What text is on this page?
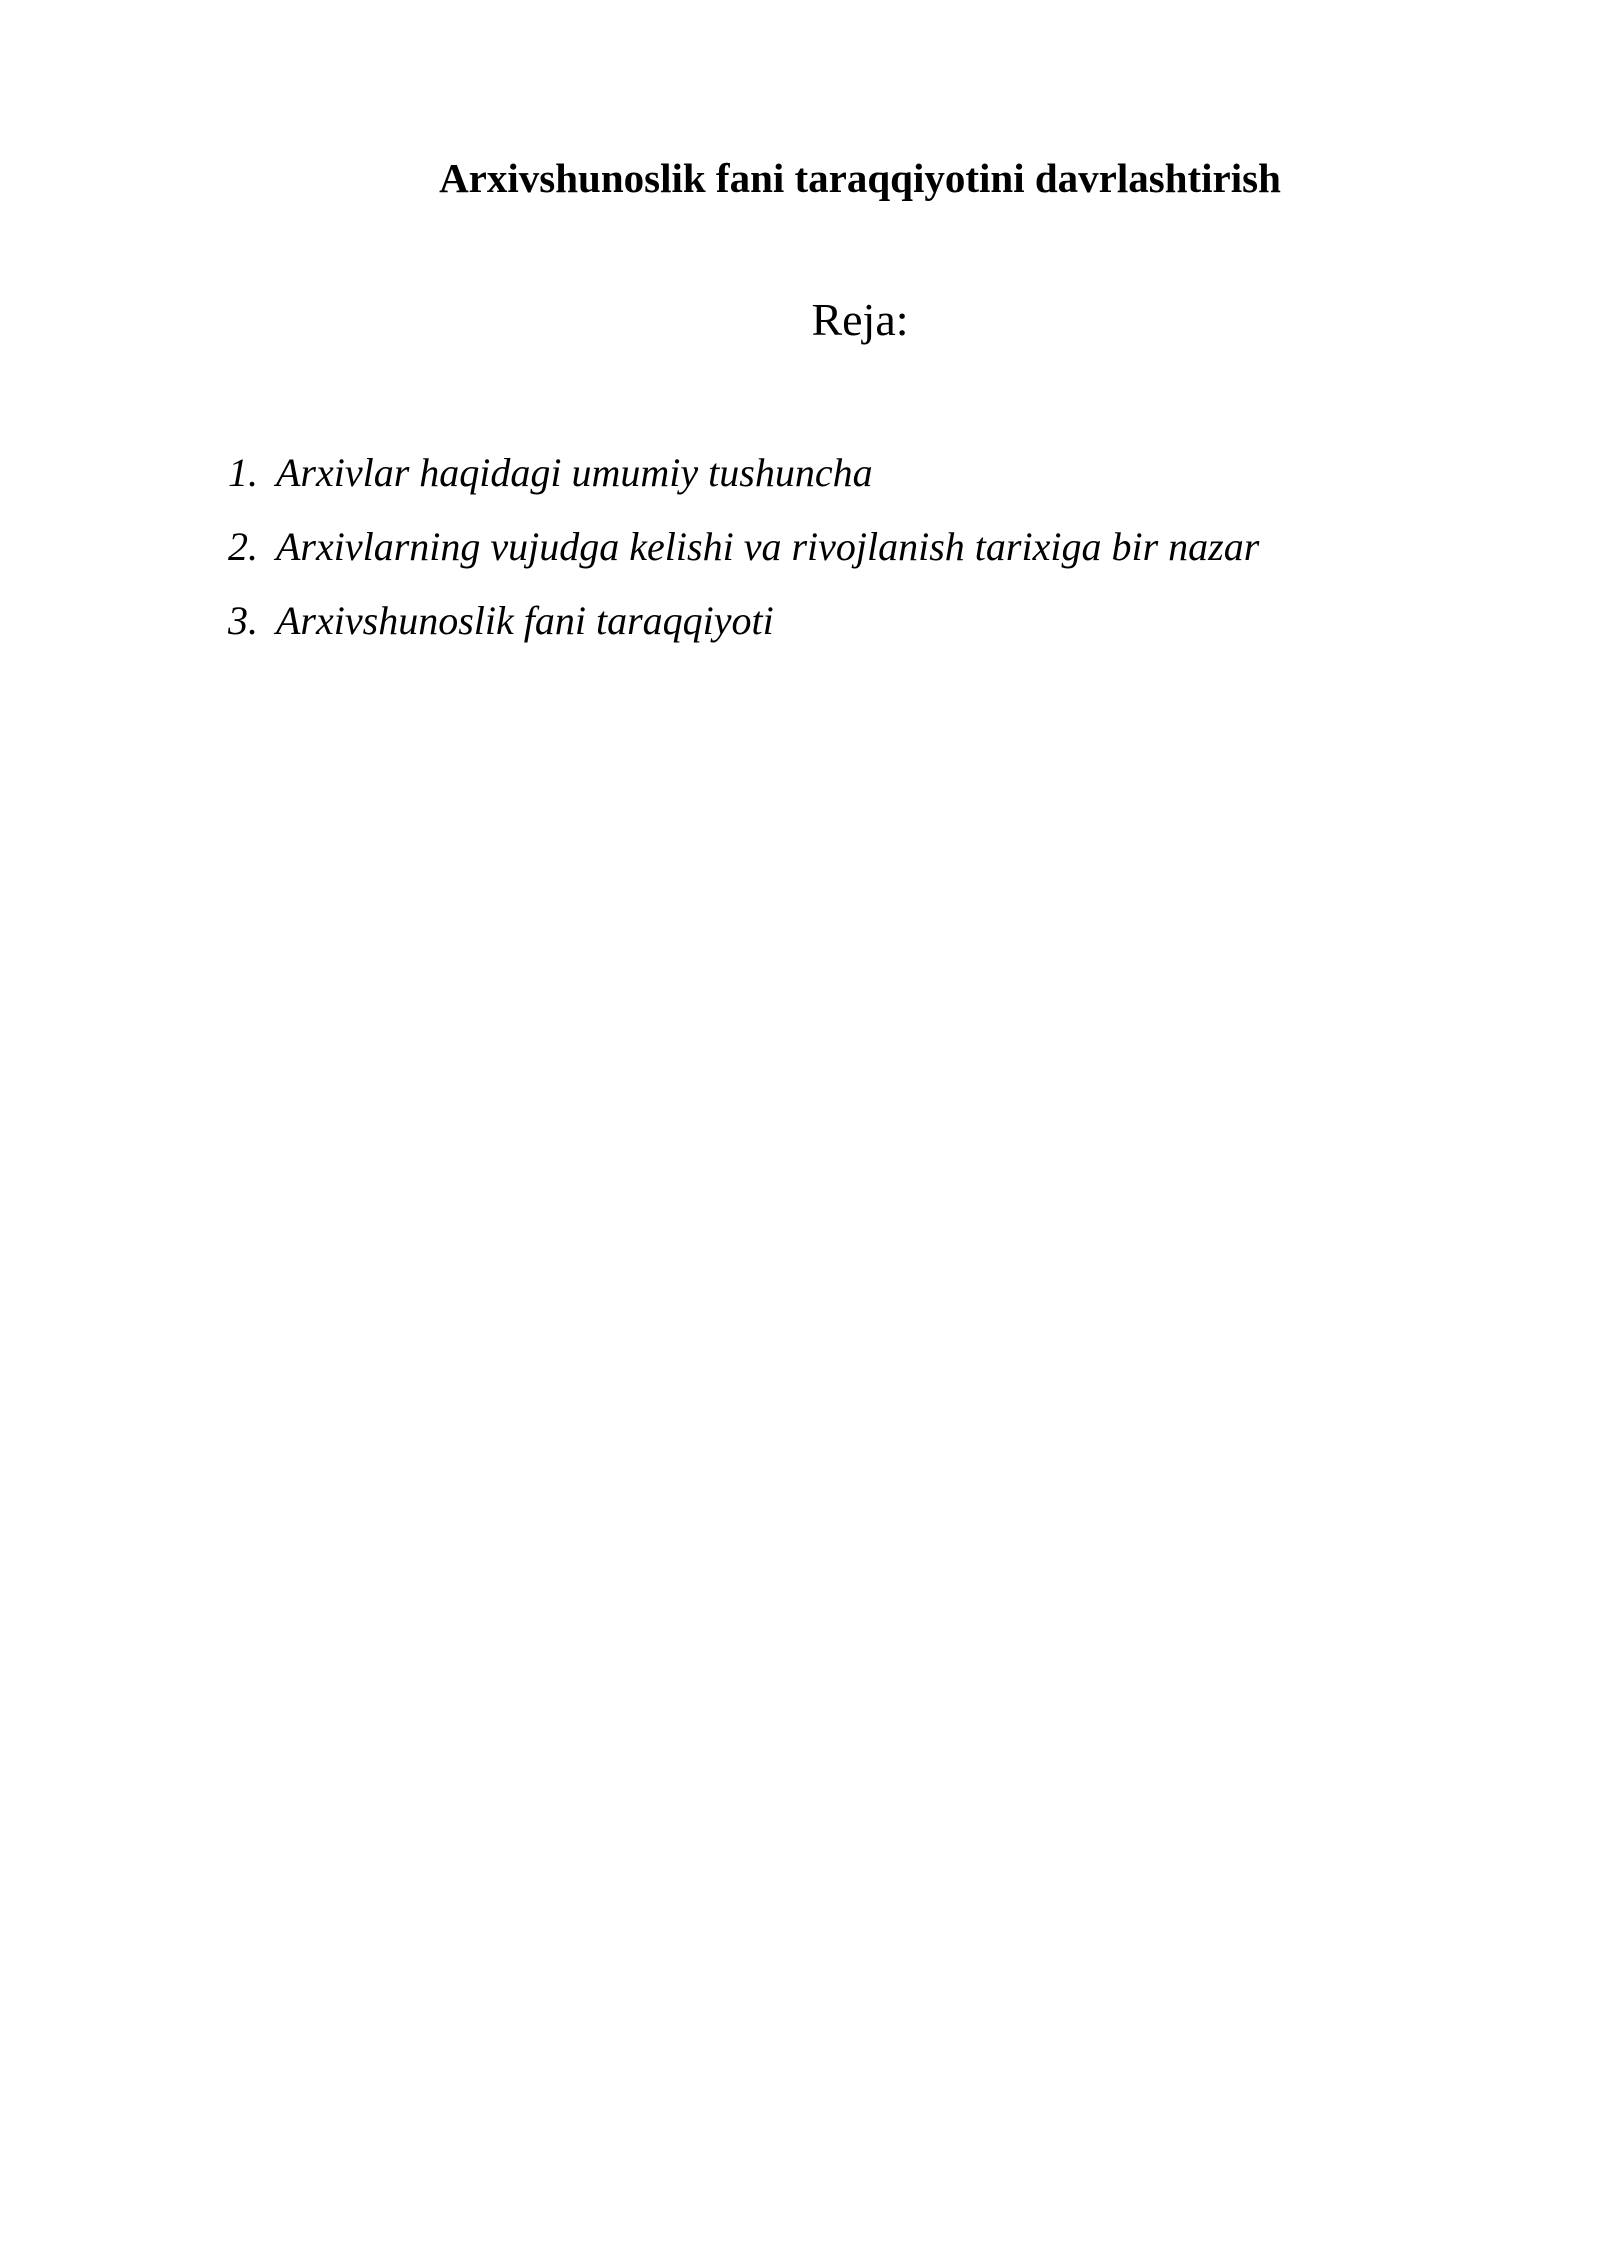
Arxivshunoslik fani taraqqiyotini davrlashtirish
Reja:
1. Arxivlar haqidagi umumiy tushuncha
2. Arxivlarning vujudga kelishi va rivojlanish tarixiga bir nazar
3. Arxivshunoslik fani taraqqiyoti
